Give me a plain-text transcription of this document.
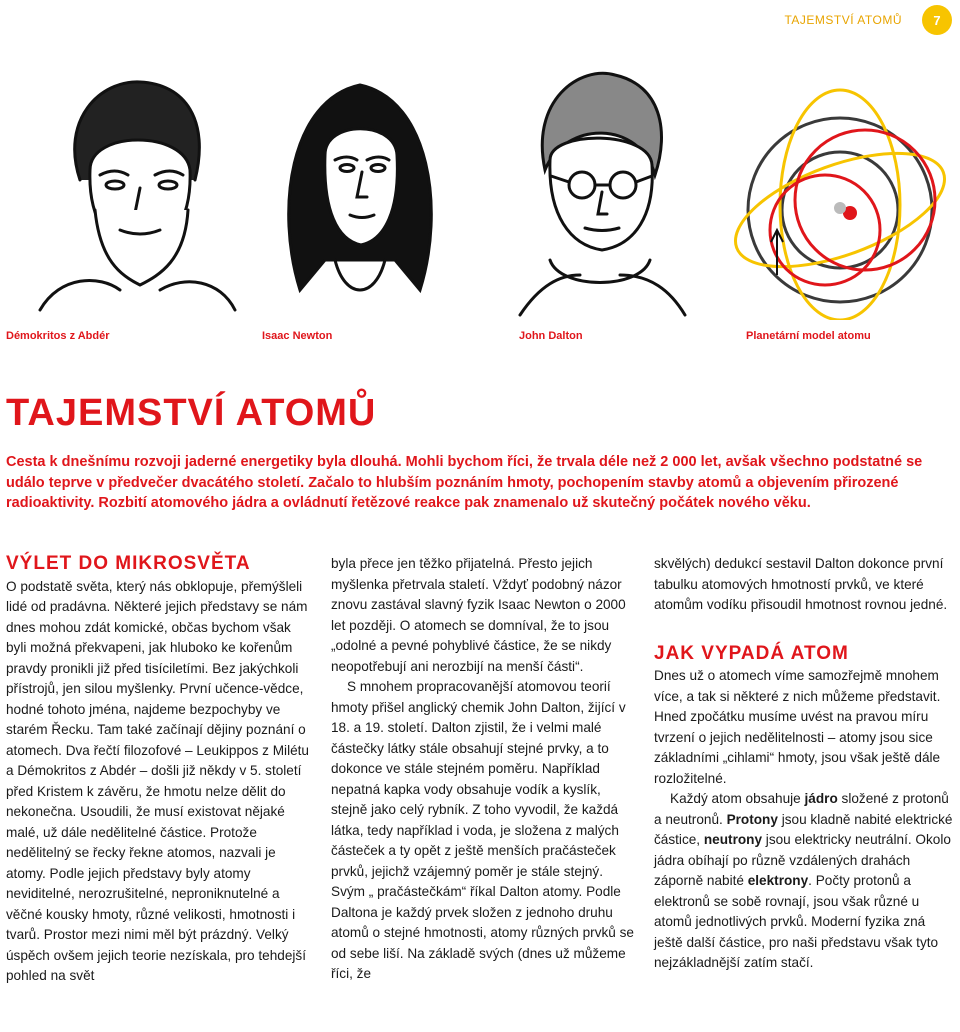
TAJEMSTVÍ ATOMŮ	7
Démokritos z Abdér	Isaac Newton	John Dalton	Planetární model atomu
TAJEMSTVÍ ATOMŮ

Cesta k dnešnímu rozvoji jaderné energetiky byla dlouhá. Mohli bychom říci, že trvala déle než 2 000 let, avšak všechno podstatné se událo teprve v předvečer dvacátého století. Začalo to hlubším poznáním hmoty, pochopením stavby atomů a objevením přirozené radioaktivity. Rozbití atomového jádra a ovládnutí řetězové reakce pak znamenalo už skutečný počátek nového věku.

VÝLET DO MIKROSVĚTA

O podstatě světa, který nás obklopuje, přemýšleli lidé od pradávna. Některé jejich představy se nám dnes mohou zdát komické, občas bychom však byli možná překvapeni, jak hluboko ke kořenům pravdy pronikli již před tisíciletími. Bez jakýchkoli přístrojů, jen silou myšlenky. První učence-vědce, hodné tohoto jména, najdeme bezpochyby ve starém Řecku. Tam také začínají dějiny poznání o atomech. Dva řečtí filozofové – Leukippos z Milétu a Démokritos z Abdér – došli již někdy v 5. století před Kristem k závěru, že hmotu nelze dělit do nekonečna. Usoudili, že musí existovat nějaké malé, už dále nedělitelné částice. Protože nedělitelný se řecky řekne atomos, nazvali je atomy. Podle jejich představy byly atomy neviditelné, nerozrušitelné, neproniknutelné a věčné kousky hmoty, různé velikosti, hmotnosti i tvarů. Prostor mezi nimi měl být prázdný. Velký úspěch ovšem jejich teorie nezískala, pro tehdejší pohled na svět

byla přece jen těžko přijatelná. Přesto jejich myšlenka přetrvala staletí. Vždyť podobný názor znovu zastával slavný fyzik Isaac Newton o 2000 let později. O atomech se domníval, že to jsou „odolné a pevné pohyblivé částice, že se nikdy neopotřebují ani nerozbijí na menší části“.

S mnohem propracovanější atomovou teorií hmoty přišel anglický chemik John Dalton, žijící v 18. a 19. století. Dalton zjistil, že i velmi malé částečky látky stále obsahují stejné prvky, a to dokonce ve stále stejném poměru. Například nepatná kapka vody obsahuje vodík a kyslík, stejně jako celý rybník. Z toho vyvodil, že každá látka, tedy například i voda, je složena z malých částeček a ty opět z ještě menších pračásteček prvků, jejichž vzájemný poměr je stále stejný. Svým „ pračástečkám“ říkal Dalton atomy. Podle Daltona je každý prvek složen z jednoho druhu atomů o stejné hmotnosti, atomy různých prvků se od sebe liší. Na základě svých (dnes už můžeme říci, že

skvělých) dedukcí sestavil Dalton dokonce první tabulku atomových hmotností prvků, ve které atomům vodíku přisoudil hmotnost rovnou jedné.

JAK VYPADÁ ATOM

Dnes už o atomech víme samozřejmě mnohem více, a tak si některé z nich můžeme představit. Hned zpočátku musíme uvést na pravou míru tvrzení o jejich nedělitelnosti – atomy jsou sice základními „cihlami“ hmoty, jsou však ještě dále rozložitelné.

Každý atom obsahuje jádro složené z protonů a neutronů. Protony jsou kladně nabité elektrické částice, neutrony jsou elektricky neutrální. Okolo jádra obíhají po různě vzdálených drahách záporně nabité elektrony. Počty protonů a elektronů se sobě rovnají, jsou však různé u atomů jednotlivých prvků. Moderní fyzika zná ještě další částice, pro naši představu však tyto nejzákladnější zatím stačí.
